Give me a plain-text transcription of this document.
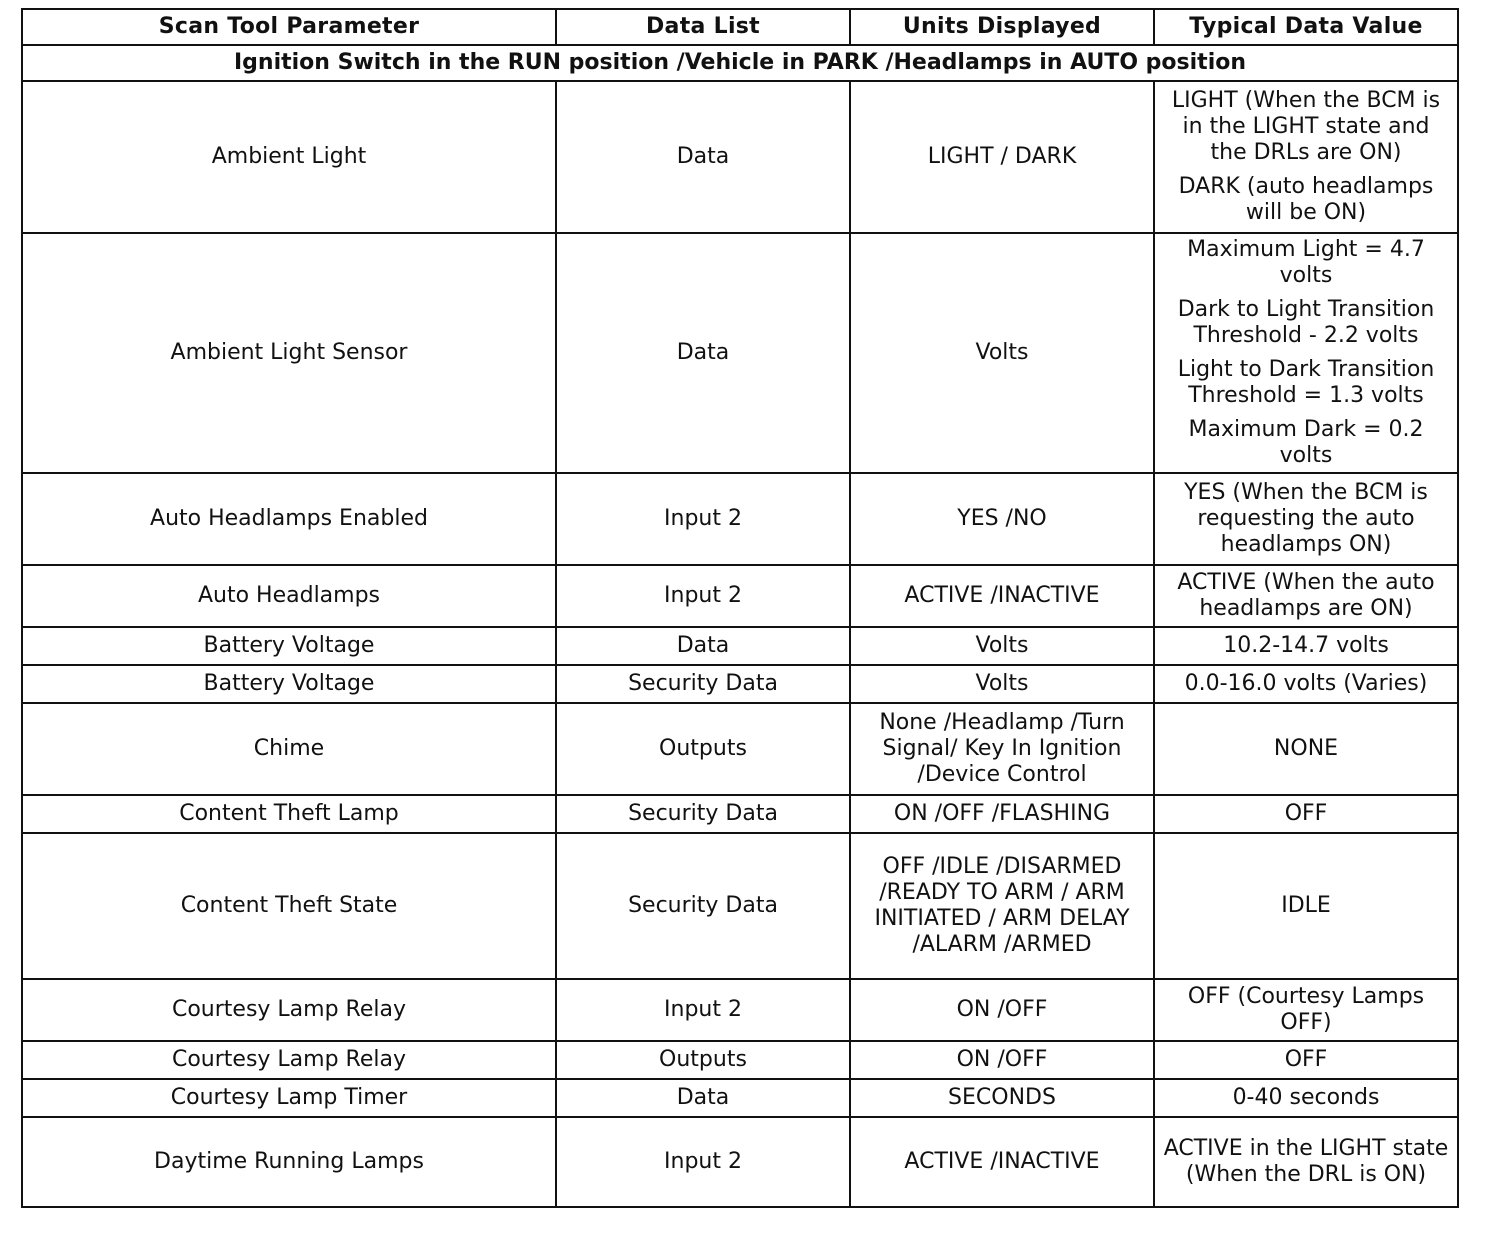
Scan Tool Parameter	Data List	Units Displayed	Typical Data Value
Ignition Switch in the RUN position /Vehicle in PARK /Headlamps in AUTO position			
Ambient Light	Data	LIGHT / DARK	LIGHT (When the BCM is in the LIGHT state and the DRLs are ON)
DARK (auto headlamps will be ON)

Ambient Light Sensor	Data	Volts	Maximum Light = 4.7 volts
Dark to Light Transition Threshold - 2.2 volts
Light to Dark Transition Threshold = 1.3 volts
Maximum Dark = 0.2 volts

Auto Headlamps Enabled	Input 2	YES /NO	YES (When the BCM is requesting the auto headlamps ON)

Auto Headlamps	Input 2	ACTIVE /INACTIVE	ACTIVE (When the auto headlamps are ON)

Battery Voltage	Data	Volts	10.2-14.7 volts

Battery Voltage	Security Data	Volts	0.0-16.0 volts (Varies)

Chime	Outputs	None /Headlamp /Turn Signal/ Key In Ignition /Device Control	NONE

Content Theft Lamp	Security Data	ON /OFF /FLASHING	OFF

Content Theft State	Security Data	OFF /IDLE /DISARMED /READY TO ARM / ARM INITIATED / ARM DELAY /ALARM /ARMED	IDLE

Courtesy Lamp Relay	Input 2	ON /OFF	OFF (Courtesy Lamps OFF)

Courtesy Lamp Relay	Outputs	ON /OFF	OFF

Courtesy Lamp Timer	Data	SECONDS	0-40 seconds

Daytime Running Lamps	Input 2	ACTIVE /INACTIVE	ACTIVE in the LIGHT state (When the DRL is ON)
